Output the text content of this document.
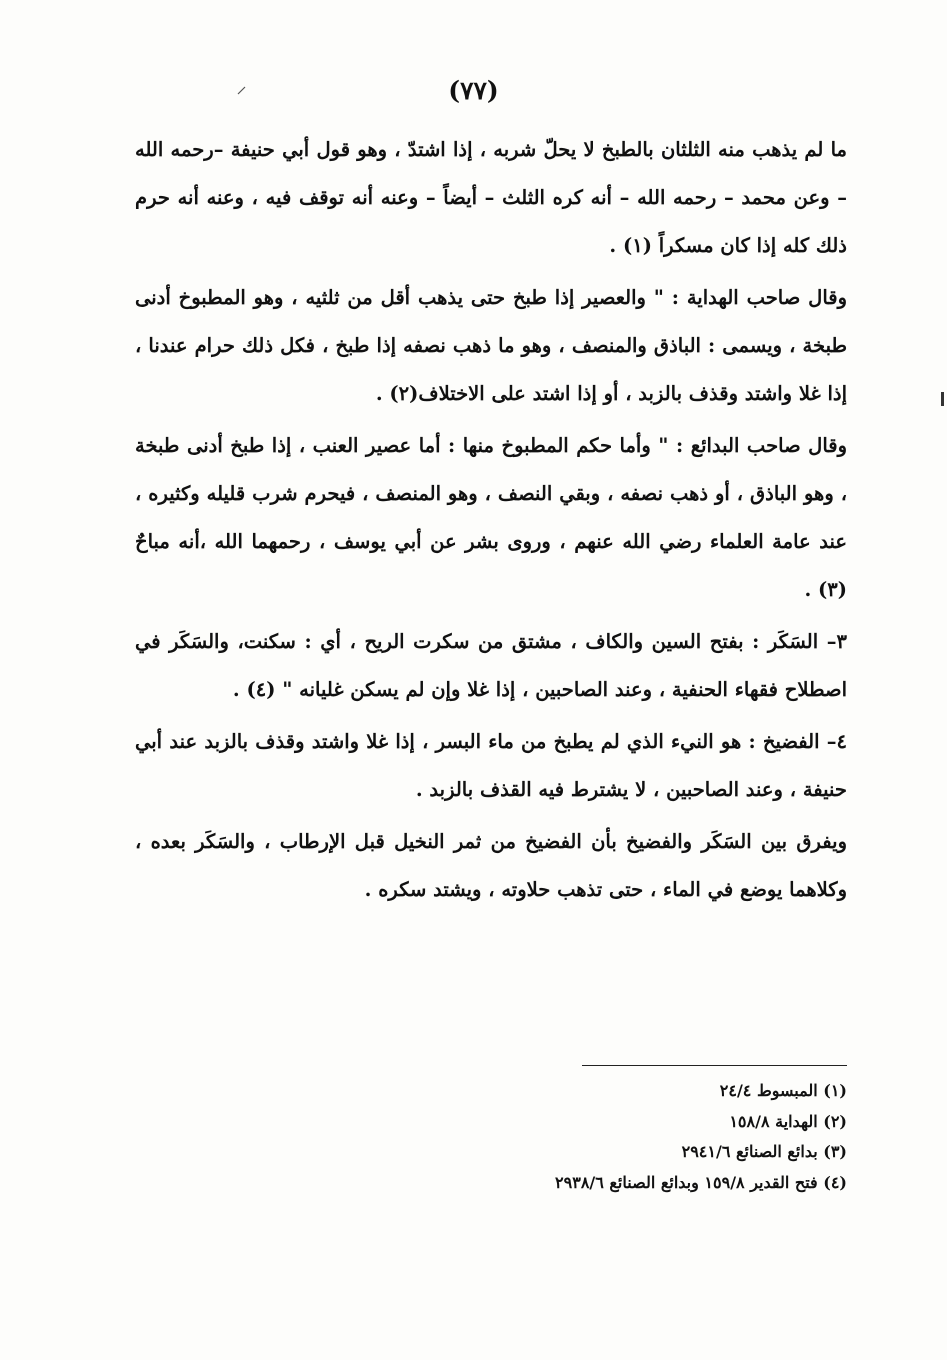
(٧٧)

ما لم يذهب منه الثلثان بالطبخ لا يحلّ شربه ، إذا اشتدّ ، وهو قول أبي حنيفة –رحمه الله – وعن محمد – رحمه الله – أنه كره الثلث – أيضاً – وعنه أنه توقف فيه ، وعنه أنه حرم ذلك كله إذا كان مسكراً (١) .

وقال صاحب الهداية : " والعصير إذا طبخ حتى يذهب أقل من ثلثيه ، وهو المطبوخ أدنى طبخة ، ويسمى : الباذق والمنصف ، وهو ما ذهب نصفه إذا طبخ ، فكل ذلك حرام عندنا ، إذا غلا واشتد وقذف بالزبد ، أو إذا اشتد على الاختلاف(٢) .

وقال صاحب البدائع : " وأما حكم المطبوخ منها : أما عصير العنب ، إذا طبخ أدنى طبخة ، وهو الباذق ، أو ذهب نصفه ، وبقي النصف ، وهو المنصف ، فيحرم شرب قليله وكثيره ، عند عامة العلماء رضي الله عنهم ، وروى بشر عن أبي يوسف ، رحمهما الله ،أنه مباحٌ (٣) .

٣– السَكَر : بفتح السين والكاف ، مشتق من سكرت الريح ، أي : سكنت، والسَكَر في اصطلاح فقهاء الحنفية ، وعند الصاحبين ، إذا غلا وإن لم يسكن غليانه " (٤) .

٤– الفضيخ : هو النيء الذي لم يطبخ من ماء البسر ، إذا غلا واشتد وقذف بالزبد عند أبي حنيفة ، وعند الصاحبين ، لا يشترط فيه القذف بالزبد .

ويفرق بين السَكَر والفضيخ بأن الفضيخ من ثمر النخيل قبل الإرطاب ، والسَكَر بعده ، وكلاهما يوضع في الماء ، حتى تذهب حلاوته ، ويشتد سكره .

(١) المبسوط ٢٤/٤
(٢) الهداية ١٥٨/٨
(٣) بدائع الصنائع ٢٩٤١/٦
(٤) فتح القدير ١٥٩/٨ وبدائع الصنائع ٢٩٣٨/٦
